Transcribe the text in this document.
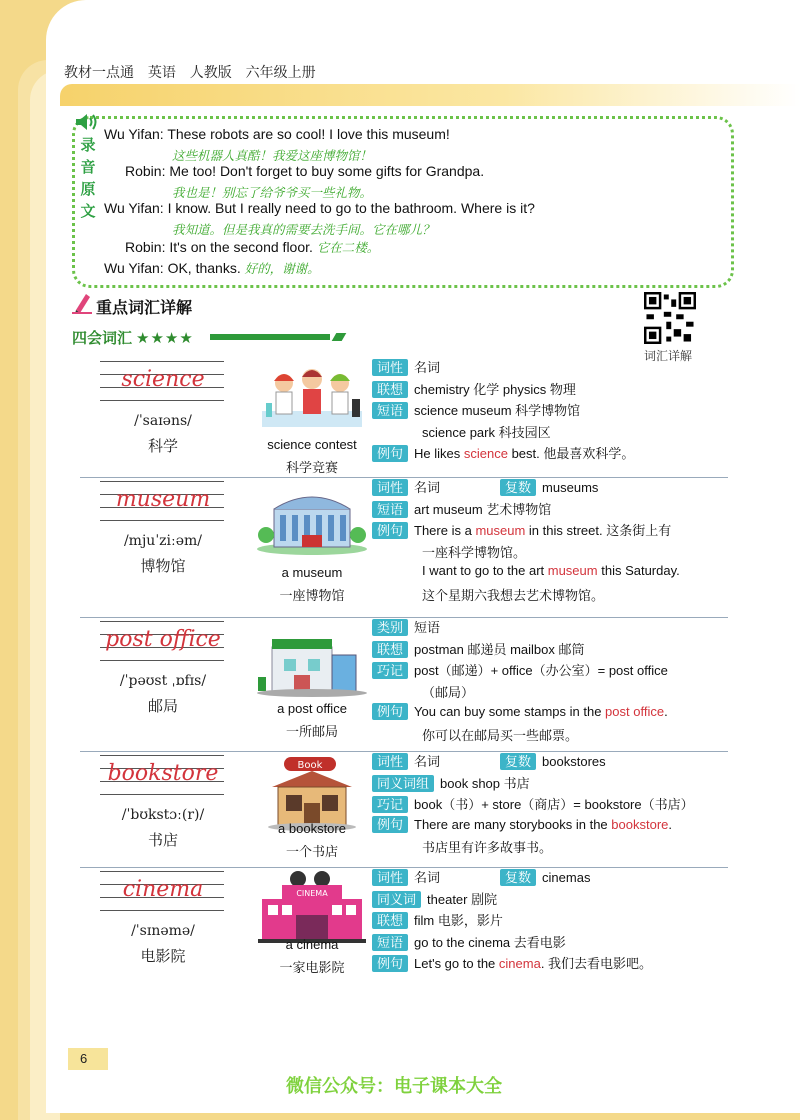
教材一点通 英语 人教版 六年级上册
录
音
原
文
Wu Yifan: These robots are so cool! I love this museum!
这些机器人真酷！我爱这座博物馆！
Robin: Me too! Don't forget to buy some gifts for Grandpa.
我也是！别忘了给爷爷买一些礼物。
Wu Yifan: I know. But I really need to go to the bathroom. Where is it?
我知道。但是我真的需要去洗手间。它在哪儿？
Robin: It's on the second floor. 它在二楼。
Wu Yifan: OK, thanks. 好的，谢谢。
重点词汇详解
词汇详解
四会词汇 ★★★★
science
/ˈsaɪəns/
科学	science contest
科学竞赛
词性 名词
联想 chemistry 化学 physics 物理
短语 science museum 科学博物馆
science park 科技园区
例句 He likes science best. 他最喜欢科学。
museum
/mjuˈziːəm/
博物馆	a museum
一座博物馆
词性 名词	复数 museums
短语 art museum 艺术博物馆
例句 There is a museum in this street. 这条街上有
一座科学博物馆。
I want to go to the art museum this Saturday.
这个星期六我想去艺术博物馆。
post office
/ˈpəʊst ˌɒfɪs/
邮局	a post office
一所邮局
类别 短语
联想 postman 邮递员 mailbox 邮筒
巧记 post（邮递）+ office（办公室）= post office
（邮局）
例句 You can buy some stamps in the post office.
你可以在邮局买一些邮票。
bookstore
/ˈbʊkstɔː(r)/
书店
Book
a bookstore
一个书店
词性 名词	复数 bookstores
同义词组 book shop 书店
巧记 book（书）+ store（商店）= bookstore（书店）
例句 There are many storybooks in the bookstore.
书店里有许多故事书。
cinema
/ˈsɪnəmə/
电影院
CINEMA
a cinema
一家电影院
词性 名词	复数 cinemas
同义词 theater 剧院
联想 film 电影，影片
短语 go to the cinema 去看电影
例句 Let's go to the cinema. 我们去看电影吧。
6
微信公众号：电子课本大全
